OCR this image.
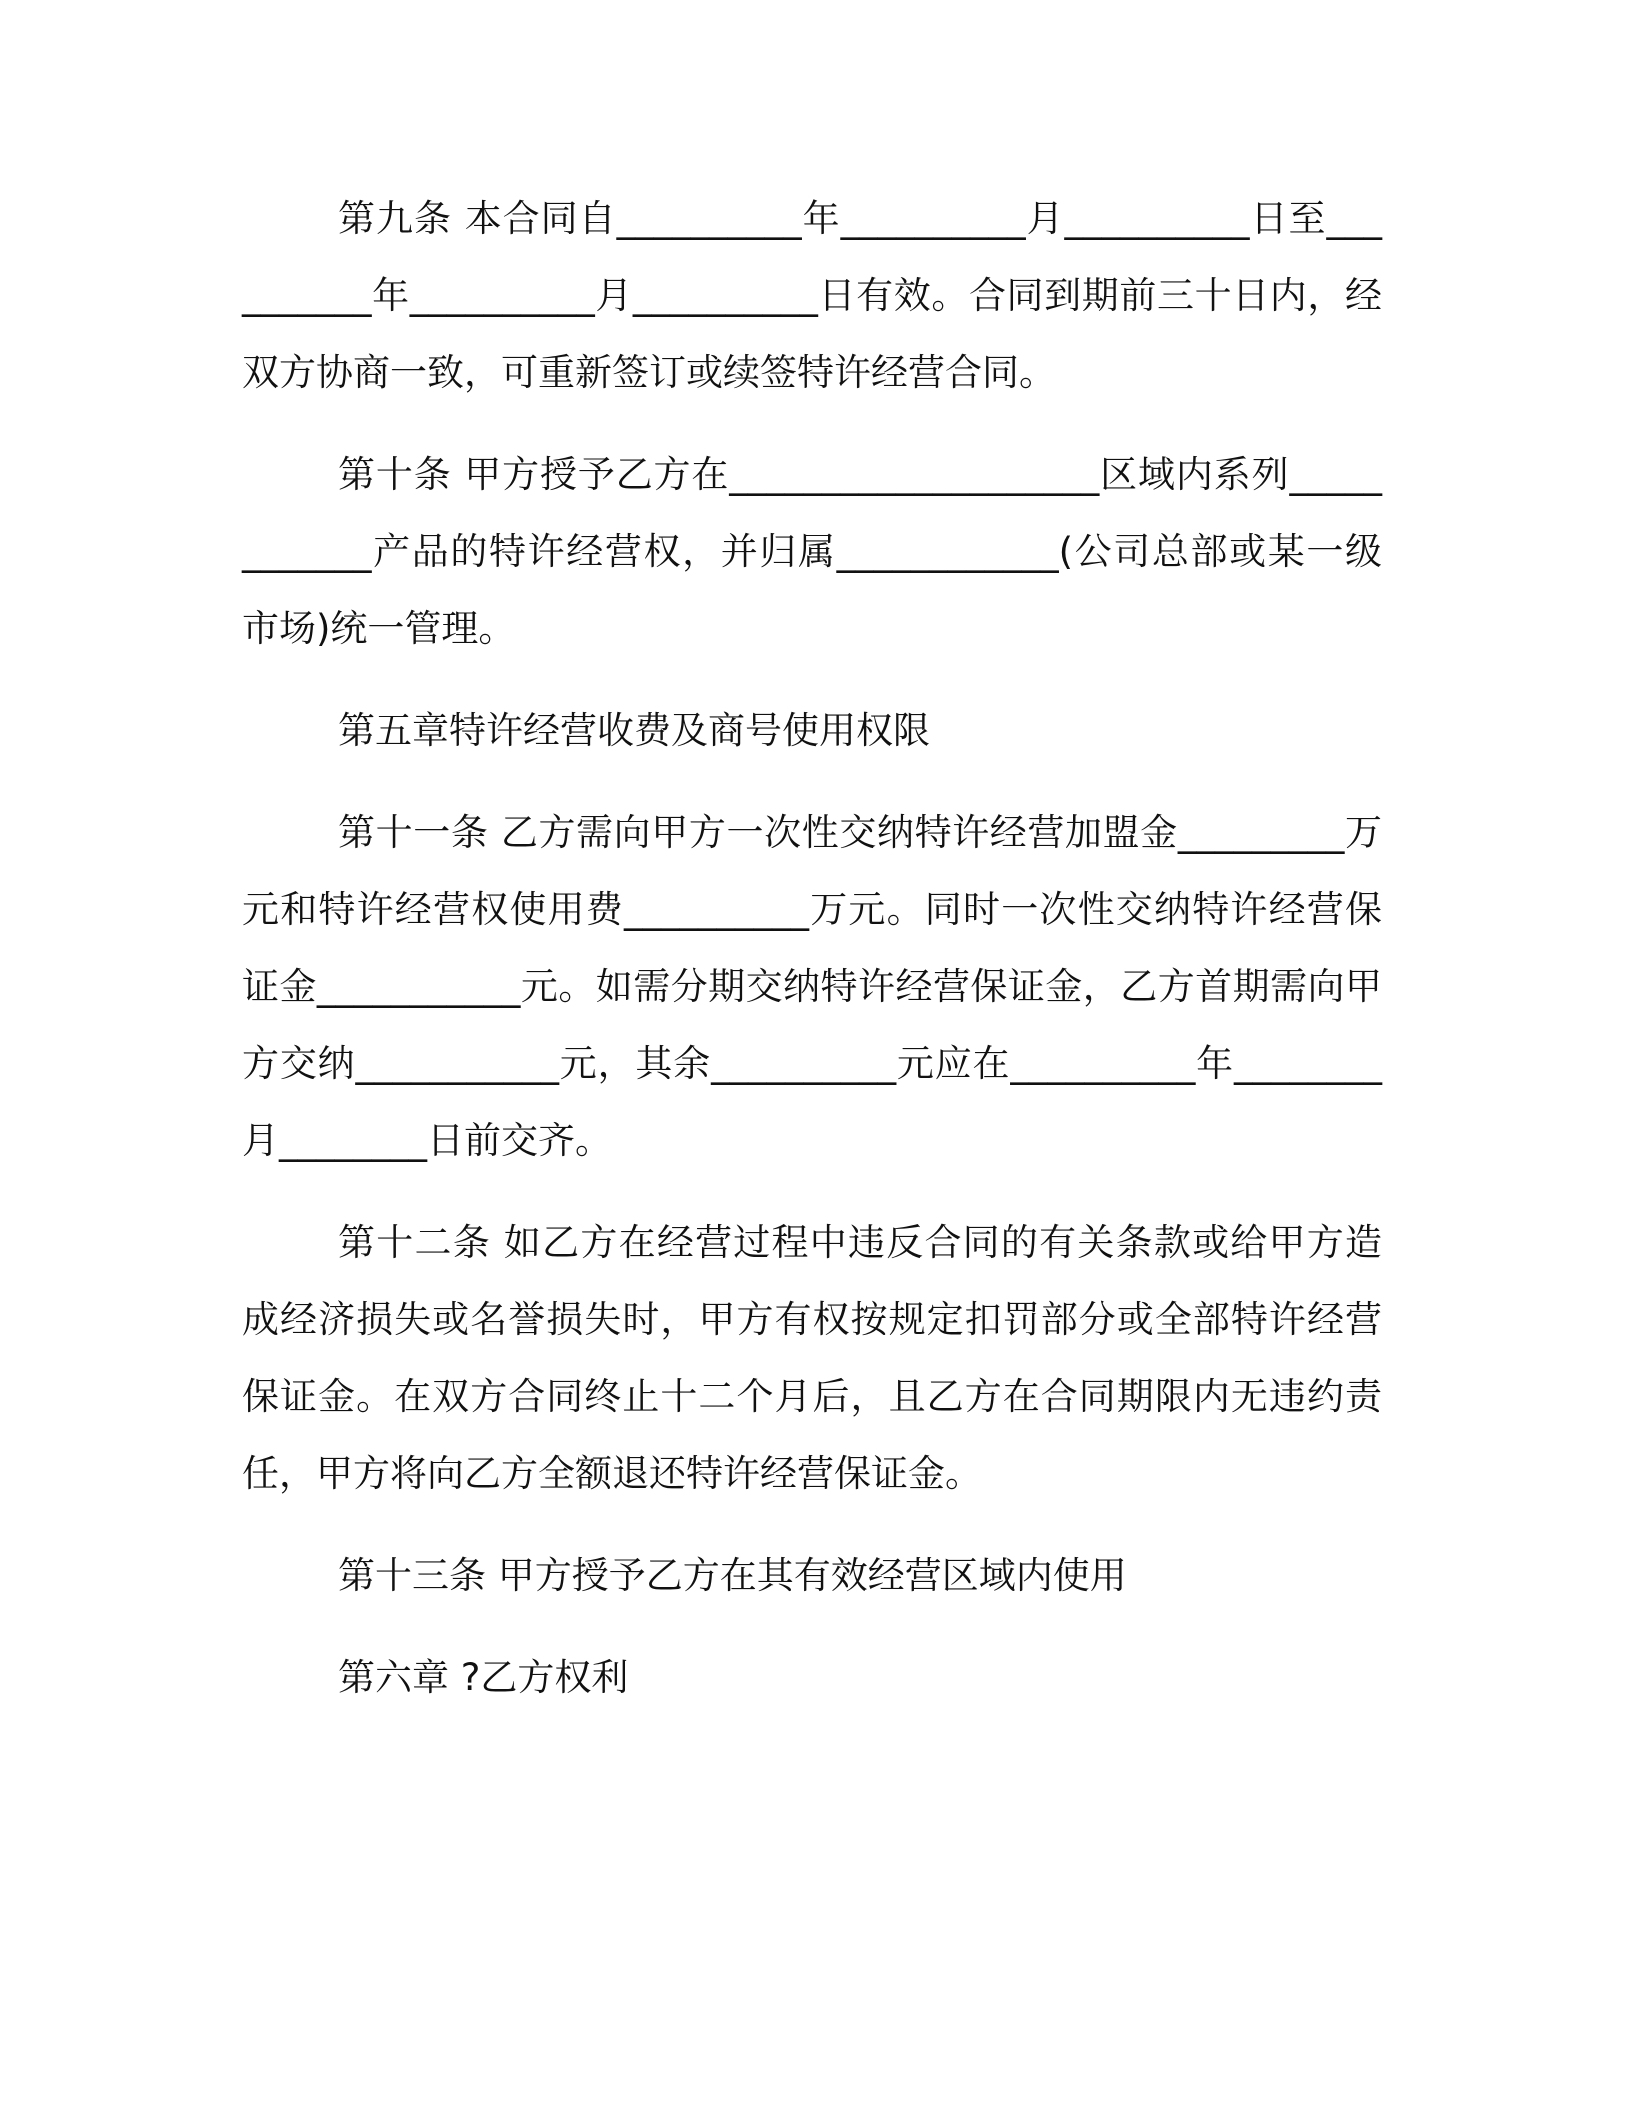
第九条 本合同自__________年__________月__________日至__________年__________月__________日有效。合同到期前三十日内，经双方协商一致，可重新签订或续签特许经营合同。

第十条 甲方授予乙方在____________________区域内系列____________产品的特许经营权，并归属____________(公司总部或某一级市场)统一管理。

第五章特许经营收费及商号使用权限

第十一条 乙方需向甲方一次性交纳特许经营加盟金_________万元和特许经营权使用费__________万元。同时一次性交纳特许经营保证金___________元。如需分期交纳特许经营保证金，乙方首期需向甲方交纳___________元，其余__________元应在__________年________月________日前交齐。

第十二条 如乙方在经营过程中违反合同的有关条款或给甲方造成经济损失或名誉损失时，甲方有权按规定扣罚部分或全部特许经营保证金。在双方合同终止十二个月后，且乙方在合同期限内无违约责任，甲方将向乙方全额退还特许经营保证金。

第十三条 甲方授予乙方在其有效经营区域内使用

第六章 ?乙方权利
